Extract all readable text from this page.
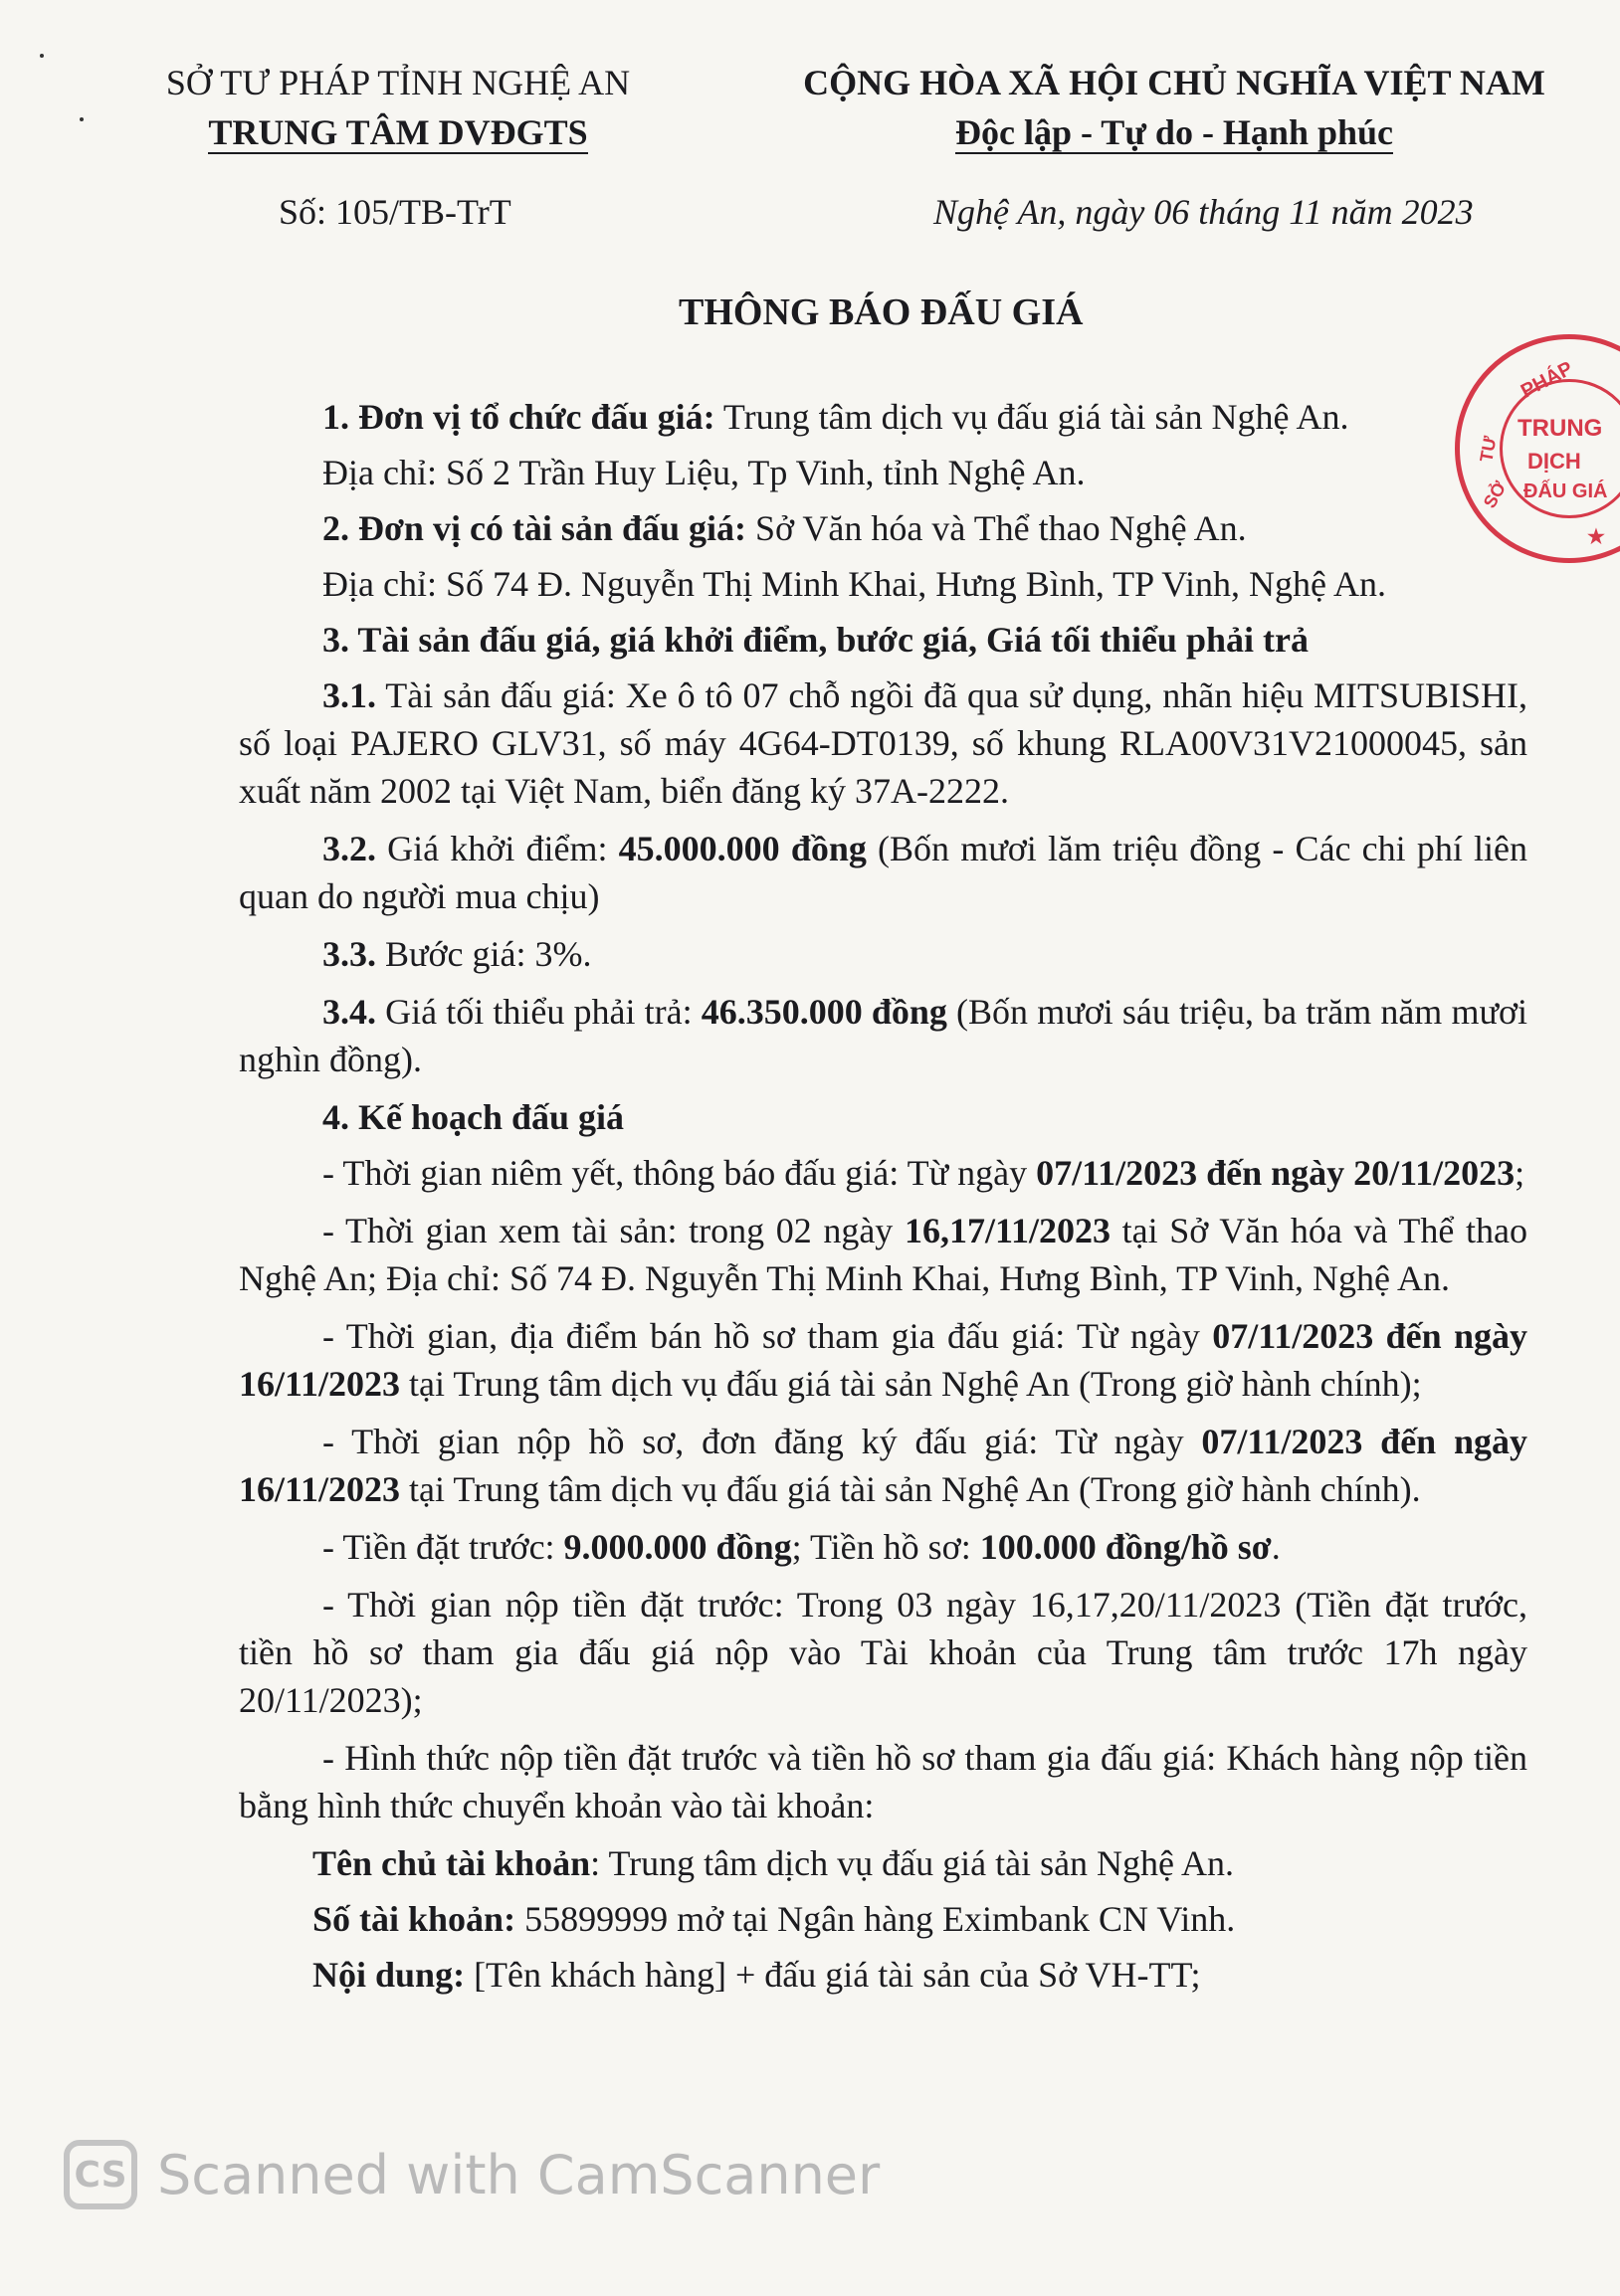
SỞ TƯ PHÁP TỈNH NGHỆ AN
TRUNG TÂM DVĐGTS
CỘNG HÒA XÃ HỘI CHỦ NGHĨA VIỆT NAM
Độc lập - Tự do - Hạnh phúc
Số: 105/TB-TrT	Nghệ An, ngày 06 tháng 11 năm 2023
THÔNG BÁO ĐẤU GIÁ
PHÁP
TRUNG
DỊCH
ĐẤU GIÁ
TƯ
SỞ
★

1. Đơn vị tổ chức đấu giá: Trung tâm dịch vụ đấu giá tài sản Nghệ An.

Địa chỉ: Số 2 Trần Huy Liệu, Tp Vinh, tỉnh Nghệ An.

2. Đơn vị có tài sản đấu giá: Sở Văn hóa và Thể thao Nghệ An.

Địa chỉ: Số 74 Đ. Nguyễn Thị Minh Khai, Hưng Bình, TP Vinh, Nghệ An.

3. Tài sản đấu giá, giá khởi điểm, bước giá, Giá tối thiểu phải trả

3.1. Tài sản đấu giá: Xe ô tô 07 chỗ ngồi đã qua sử dụng, nhãn hiệu MITSUBISHI, số loại PAJERO GLV31, số máy 4G64-DT0139, số khung RLA00V31V21000045, sản xuất năm 2002 tại Việt Nam, biển đăng ký 37A-2222.

3.2. Giá khởi điểm: 45.000.000 đồng (Bốn mươi lăm triệu đồng - Các chi phí liên quan do người mua chịu)

3.3. Bước giá: 3%.

3.4. Giá tối thiểu phải trả: 46.350.000 đồng (Bốn mươi sáu triệu, ba trăm năm mươi nghìn đồng).

4. Kế hoạch đấu giá

- Thời gian niêm yết, thông báo đấu giá: Từ ngày 07/11/2023 đến ngày 20/11/2023;

- Thời gian xem tài sản: trong 02 ngày 16,17/11/2023 tại Sở Văn hóa và Thể thao Nghệ An; Địa chỉ: Số 74 Đ. Nguyễn Thị Minh Khai, Hưng Bình, TP Vinh, Nghệ An.

- Thời gian, địa điểm bán hồ sơ tham gia đấu giá: Từ ngày 07/11/2023 đến ngày 16/11/2023 tại Trung tâm dịch vụ đấu giá tài sản Nghệ An (Trong giờ hành chính);

- Thời gian nộp hồ sơ, đơn đăng ký đấu giá: Từ ngày 07/11/2023 đến ngày 16/11/2023 tại Trung tâm dịch vụ đấu giá tài sản Nghệ An (Trong giờ hành chính).

- Tiền đặt trước: 9.000.000 đồng; Tiền hồ sơ: 100.000 đồng/hồ sơ.

- Thời gian nộp tiền đặt trước: Trong 03 ngày 16,17,20/11/2023 (Tiền đặt trước, tiền hồ sơ tham gia đấu giá nộp vào Tài khoản của Trung tâm trước 17h ngày 20/11/2023);

- Hình thức nộp tiền đặt trước và tiền hồ sơ tham gia đấu giá: Khách hàng nộp tiền bằng hình thức chuyển khoản vào tài khoản:

Tên chủ tài khoản: Trung tâm dịch vụ đấu giá tài sản Nghệ An.

Số tài khoản: 55899999 mở tại Ngân hàng Eximbank CN Vinh.

Nội dung: [Tên khách hàng] + đấu giá tài sản của Sở VH-TT;

CS Scanned with CamScanner
